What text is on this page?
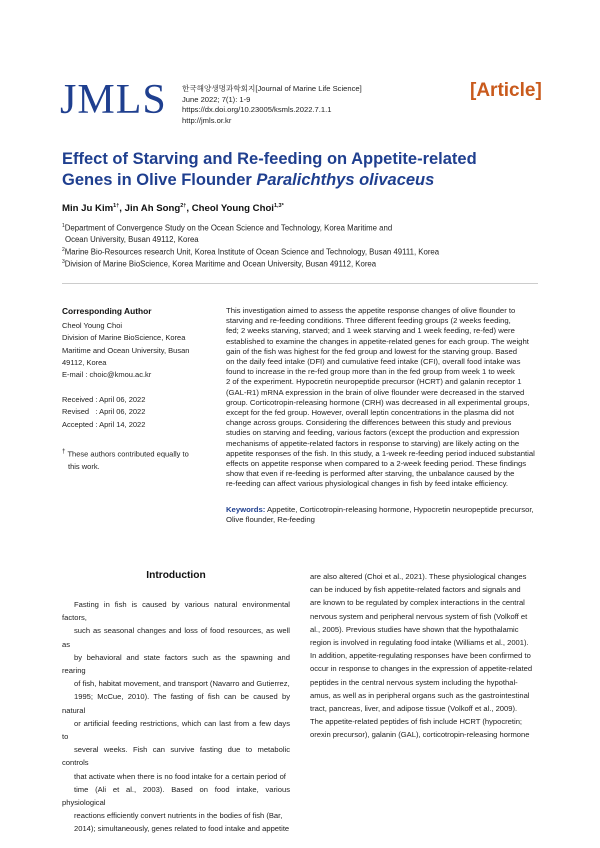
JMLS 한국해양생명과학회지[Journal of Marine Life Science]
June 2022; 7(1): 1-9
https://dx.doi.org/10.23005/ksmls.2022.7.1.1
http://jmls.or.kr
[Article]
Effect of Starving and Re-feeding on Appetite-related
Genes in Olive Flounder Paralichthys olivaceus
Min Ju Kim$^{1\dagger}$, Jin Ah Song$^{2\dagger}$, Cheol Young Choi$^{1,3*}$
$^1$Department of Convergence Study on the Ocean Science and Technology, Korea Maritime and
Ocean University, Busan 49112, Korea
$^2$Marine Bio-Resources research Unit, Korea Institute of Ocean Science and Technology, Busan 49111, Korea
$^3$Division of Marine BioScience, Korea Maritime and Ocean University, Busan 49112, Korea
Corresponding Author
Cheol Young Choi
Division of Marine BioScience, Korea
Maritime and Ocean University, Busan
49112, Korea
E-mail : choic@kmou.ac.kr
Received : April 06, 2022
Revised   : April 06, 2022
Accepted : April 14, 2022
† These authors contributed equally to
this work.
This investigation aimed to assess the appetite response changes of olive flounder to
starving and re-feeding conditions. Three different feeding groups (2 weeks feeding,
fed; 2 weeks starving, starved; and 1 week starving and 1 week feeding, re-fed) were
established to examine the changes in appetite-related genes for each group. The weight
gain of the fish was highest for the fed group and lowest for the starving group. Based
on the daily feed intake (DFI) and cumulative feed intake (CFI), overall food intake was
found to increase in the re-fed group more than in the fed group from week 1 to week
2 of the experiment. Hypocretin neuropeptide precursor (HCRT) and galanin receptor 1
(GAL-R1) mRNA expression in the brain of olive flounder were decreased in the starved
group. Corticotropin-releasing hormone (CRH) was decreased in all experimental groups,
except for the fed group. However, overall leptin concentrations in the plasma did not
change across groups. Considering the differences between this study and previous
studies on starving and feeding, various factors (except the production and expression
mechanisms of appetite-related factors in response to starving) are likely acting on the
appetite responses of the fish. In this study, a 1-week re-feeding period induced substantial
effects on appetite response when compared to a 2-week feeding period. These findings
show that even if re-feeding is performed after starving, the unbalance caused by the
re-feeding can affect various physiological changes in fish by feed intake efficiency.
Keywords: Appetite, Corticotropin-releasing hormone, Hypocretin neuropeptide precursor,
Olive flounder, Re-feeding
Introduction
Fasting in fish is caused by various natural environmental factors,
such as seasonal changes and loss of food resources, as well as
by behavioral and state factors such as the spawning and rearing
of fish, habitat movement, and transport (Navarro and Gutierrez,
1995; McCue, 2010). The fasting of fish can be caused by natural
or artificial feeding restrictions, which can last from a few days to
several weeks. Fish can survive fasting due to metabolic controls
that activate when there is no food intake for a certain period of
time (Ali et al., 2003). Based on food intake, various physiological
reactions efficiently convert nutrients in the bodies of fish (Bar,
2014); simultaneously, genes related to food intake and appetite
are also altered (Choi et al., 2021). These physiological changes
can be induced by fish appetite-related factors and signals and
are known to be regulated by complex interactions in the central
nervous system and peripheral nervous system of fish (Volkoff et
al., 2005). Previous studies have shown that the hypothalamic
region is involved in regulating food intake (Williams et al., 2001).
In addition, appetite-regulating responses have been confirmed to
occur in response to changes in the expression of appetite-related
peptides in the central nervous system including the hypothal-
amus, as well as in peripheral organs such as the gastrointestinal
tract, pancreas, liver, and adipose tissue (Volkoff et al., 2009).
The appetite-related peptides of fish include HCRT (hypocretin;
orexin precursor), galanin (GAL), corticotropin-releasing hormone
